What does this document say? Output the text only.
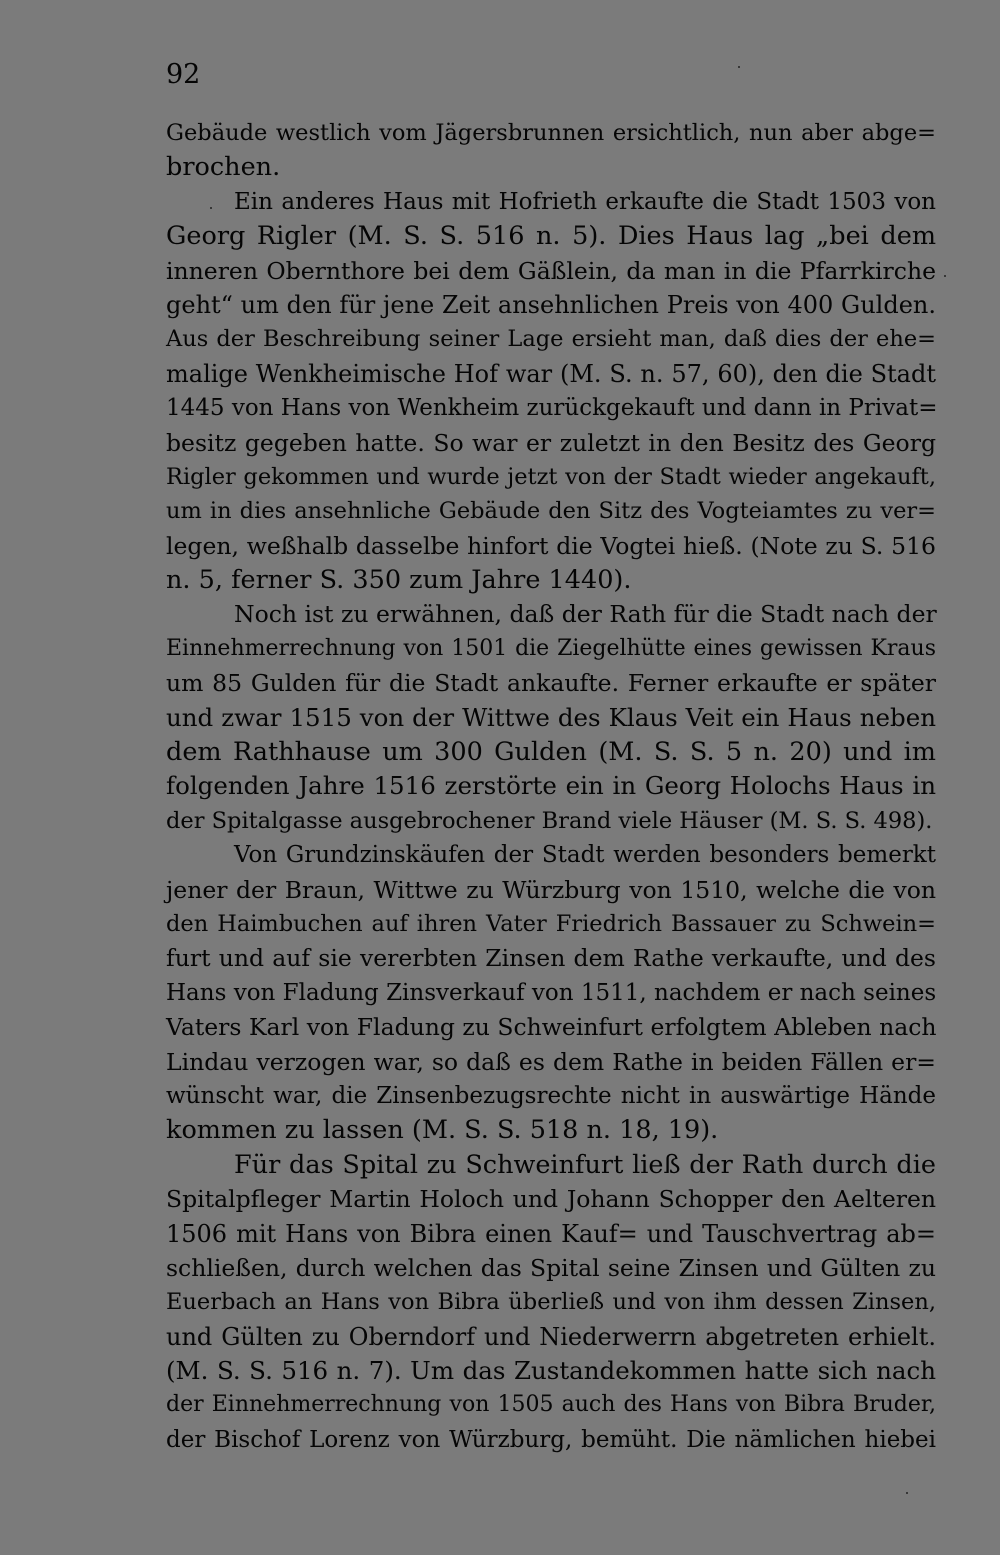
92
Gebäude westlich vom Jägersbrunnen ersichtlich, nun aber abge=
brochen.
Ein anderes Haus mit Hofrieth erkaufte die Stadt 1503 von
Georg Rigler (M. S. S. 516 n. 5). Dies Haus lag „bei dem
inneren Obernthore bei dem Gäßlein, da man in die Pfarrkirche
geht“ um den für jene Zeit ansehnlichen Preis von 400 Gulden.
Aus der Beschreibung seiner Lage ersieht man, daß dies der ehe=
malige Wenkheimische Hof war (M. S. n. 57, 60), den die Stadt
1445 von Hans von Wenkheim zurückgekauft und dann in Privat=
besitz gegeben hatte. So war er zuletzt in den Besitz des Georg
Rigler gekommen und wurde jetzt von der Stadt wieder angekauft,
um in dies ansehnliche Gebäude den Sitz des Vogteiamtes zu ver=
legen, weßhalb dasselbe hinfort die Vogtei hieß. (Note zu S. 516
n. 5, ferner S. 350 zum Jahre 1440).
Noch ist zu erwähnen, daß der Rath für die Stadt nach der
Einnehmerrechnung von 1501 die Ziegelhütte eines gewissen Kraus
um 85 Gulden für die Stadt ankaufte. Ferner erkaufte er später
und zwar 1515 von der Wittwe des Klaus Veit ein Haus neben
dem Rathhause um 300 Gulden (M. S. S. 5 n. 20) und im
folgenden Jahre 1516 zerstörte ein in Georg Holochs Haus in
der Spitalgasse ausgebrochener Brand viele Häuser (M. S. S. 498).
Von Grundzinskäufen der Stadt werden besonders bemerkt
jener der Braun, Wittwe zu Würzburg von 1510, welche die von
den Haimbuchen auf ihren Vater Friedrich Bassauer zu Schwein=
furt und auf sie vererbten Zinsen dem Rathe verkaufte, und des
Hans von Fladung Zinsverkauf von 1511, nachdem er nach seines
Vaters Karl von Fladung zu Schweinfurt erfolgtem Ableben nach
Lindau verzogen war, so daß es dem Rathe in beiden Fällen er=
wünscht war, die Zinsenbezugsrechte nicht in auswärtige Hände
kommen zu lassen (M. S. S. 518 n. 18, 19).
Für das Spital zu Schweinfurt ließ der Rath durch die
Spitalpfleger Martin Holoch und Johann Schopper den Aelteren
1506 mit Hans von Bibra einen Kauf= und Tauschvertrag ab=
schließen, durch welchen das Spital seine Zinsen und Gülten zu
Euerbach an Hans von Bibra überließ und von ihm dessen Zinsen,
und Gülten zu Oberndorf und Niederwerrn abgetreten erhielt.
(M. S. S. 516 n. 7). Um das Zustandekommen hatte sich nach
der Einnehmerrechnung von 1505 auch des Hans von Bibra Bruder,
der Bischof Lorenz von Würzburg, bemüht. Die nämlichen hiebei
